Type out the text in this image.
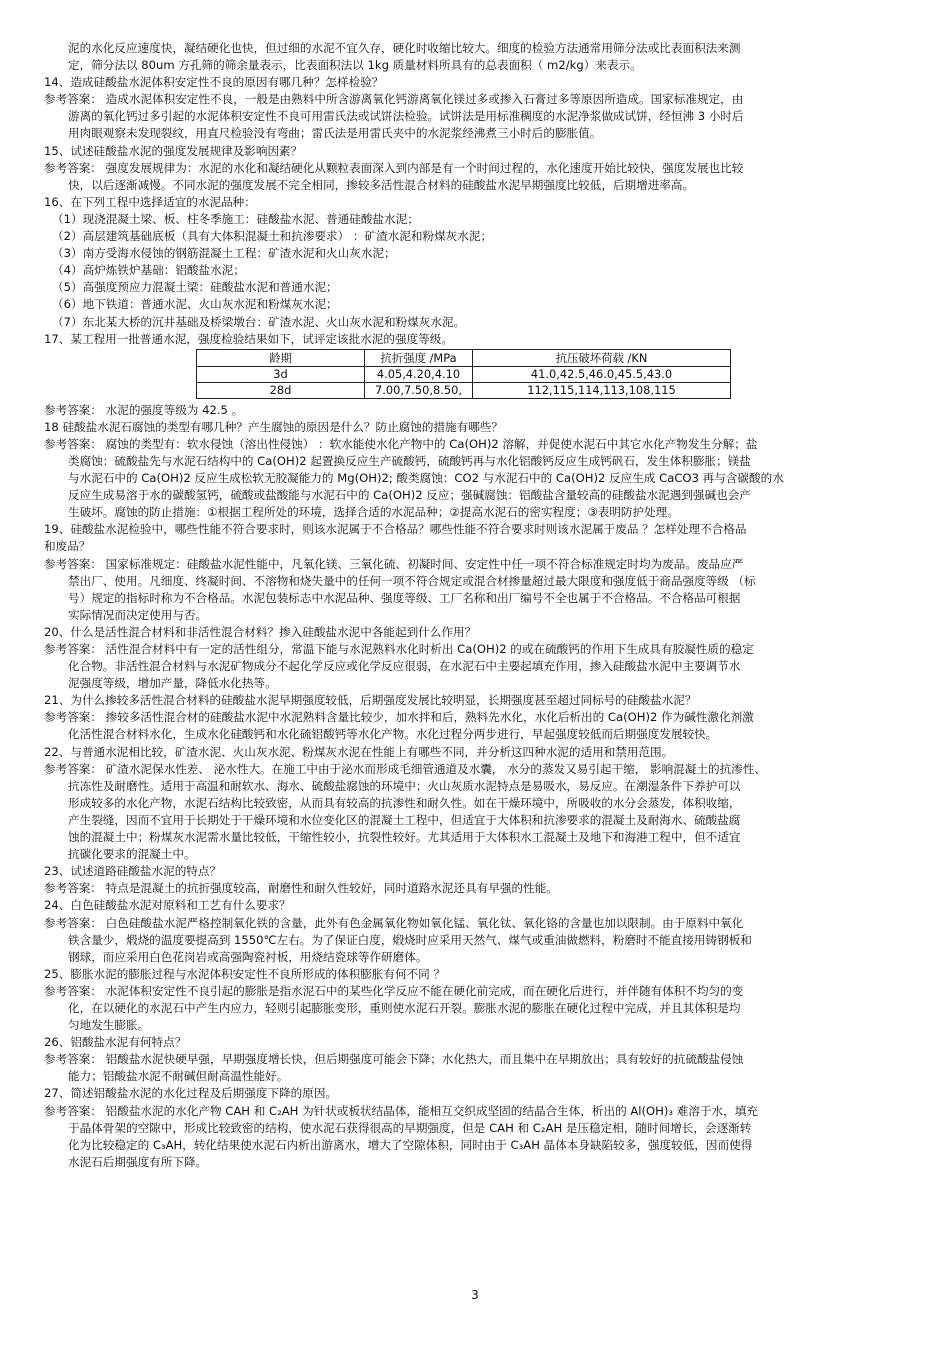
泥的水化反应速度快，凝结硬化也快，但过细的水泥不宜久存，硬化时收缩比较大。细度的检验方法通常用筛分法或比表面积法来测
定，筛分法以 80um 方孔筛的筛余量表示，比表面积法以 1kg 质量材料所具有的总表面积（ m2/kg）来表示。
14、造成硅酸盐水泥体积安定性不良的原因有哪几种？怎样检验？
参考答案： 造成水泥体积安定性不良，一般是由熟料中所含游离氧化钙游离氧化镁过多或掺入石膏过多等原因所造成。国家标准规定，由
游离的氧化钙过多引起的水泥体积安定性不良可用雷氏法或试饼法检验。试饼法是用标准稠度的水泥净浆做成试饼，经恒沸 3 小时后
用肉眼观察未发现裂纹，用直尺检验没有弯曲；雷氏法是用雷氏夹中的水泥浆经沸煮三小时后的膨胀值。
15、试述硅酸盐水泥的强度发展规律及影响因素？
参考答案： 强度发展规律为：水泥的水化和凝结硬化从颗粒表面深入到内部是有一个时间过程的，水化速度开始比较快，强度发展也比较
快，以后逐渐减慢。不同水泥的强度发展不完全相同，掺较多活性混合材料的硅酸盐水泥早期强度比较低，后期增进率高。
16、在下列工程中选择适宜的水泥品种：
（1）现浇混凝土梁、板、柱冬季施工：硅酸盐水泥、普通硅酸盐水泥；
（2）高层建筑基础底板（具有大体积混凝土和抗渗要求） ：矿渣水泥和粉煤灰水泥；
（3）南方受海水侵蚀的钢筋混凝土工程：矿渣水泥和火山灰水泥；
（4）高炉炼铁炉基础：铝酸盐水泥；
（5）高强度预应力混凝土梁：硅酸盐水泥和普通水泥；
（6）地下铁道：普通水泥、火山灰水泥和粉煤灰水泥；
（7）东北某大桥的沉井基础及桥梁墩台：矿渣水泥、火山灰水泥和粉煤灰水泥。
17、某工程用一批普通水泥，强度检验结果如下，试评定该批水泥的强度等级。
龄期	抗折强度 /MPa	抗压破坏荷载 /KN
3d	4.05,4.20,4.10	41.0,42.5,46.0,45.5,43.0
28d	7.00,7.50,8.50,	112,115,114,113,108,115
参考答案： 水泥的强度等级为 42.5 。
18 硅酸盐水泥石腐蚀的类型有哪几种？产生腐蚀的原因是什么？防止腐蚀的措施有哪些？
参考答案： 腐蚀的类型有：软水侵蚀（溶出性侵蚀） ：软水能使水化产物中的 Ca(OH)2 溶解，并促使水泥石中其它水化产物发生分解；盐
类腐蚀：硫酸盐先与水泥石结构中的 Ca(OH)2 起置换反应生产硫酸钙，硫酸钙再与水化铝酸钙反应生成钙矾石，发生体积膨胀；镁盐
与水泥石中的 Ca(OH)2 反应生成松软无胶凝能力的 Mg(OH)2; 酸类腐蚀：CO2 与水泥石中的 Ca(OH)2 反应生成 CaCO3 再与含碳酸的水
反应生成易溶于水的碳酸氢钙，硫酸或盐酸能与水泥石中的 Ca(OH)2 反应；强碱腐蚀：铝酸盐含量较高的硅酸盐水泥遇到强碱也会产
生破坏。腐蚀的防止措施：①根据工程所处的环境，选择合适的水泥品种；②提高水泥石的密实程度；③表明防护处理。
19、硅酸盐水泥检验中，哪些性能不符合要求时，则该水泥属于不合格品？哪些性能不符合要求时则该水泥属于废品 ？怎样处理不合格品
和废品？
参考答案： 国家标准规定：硅酸盐水泥性能中，凡氧化镁、三氧化硫、初凝时间、安定性中任一项不符合标准规定时均为废品。废品应严
禁出厂、使用。凡细度、终凝时间、不溶物和烧失量中的任何一项不符合规定或混合材掺量超过最大限度和强度低于商品强度等级 （标
号）规定的指标时称为不合格品。水泥包装标志中水泥品种、强度等级、工厂名称和出厂编号不全也属于不合格品。不合格品可根据
实际情况而决定使用与否。
20、什么是活性混合材料和非活性混合材料？掺入硅酸盐水泥中各能起到什么作用？
参考答案： 活性混合材料中有一定的活性组分，常温下能与水泥熟料水化时析出 Ca(OH)2 的或在硫酸钙的作用下生成具有胶凝性质的稳定
化合物。非活性混合材料与水泥矿物成分不起化学反应或化学反应很弱，在水泥石中主要起填充作用，掺入硅酸盐水泥中主要调节水
泥强度等级，增加产量，降低水化热等。
21、为什么掺较多活性混合材料的硅酸盐水泥早期强度较低，后期强度发展比较明显，长期强度甚至超过同标号的硅酸盐水泥？
参考答案： 掺较多活性混合材的硅酸盐水泥中水泥熟料含量比较少，加水拌和后，熟料先水化，水化后析出的 Ca(OH)2 作为碱性激化剂激
化活性混合材料水化，生成水化硅酸钙和水化硫铝酸钙等水化产物。水化过程分两步进行，早起强度较低而后期强度发展较快。
22、与普通水泥相比较，矿渣水泥、火山灰水泥、粉煤灰水泥在性能上有哪些不同，并分析这四种水泥的适用和禁用范围。
参考答案： 矿渣水泥保水性差、 泌水性大。在施工中由于泌水而形成毛细管通道及水囊， 水分的蒸发又易引起干缩， 影响混凝土的抗渗性、
抗冻性及耐磨性。适用于高温和耐软水、海水、硫酸盐腐蚀的环境中；火山灰质水泥特点是易吸水，易反应。在潮湿条件下养护可以
形成较多的水化产物，水泥石结构比较致密，从而具有较高的抗渗性和耐久性。如在干燥环境中，所吸收的水分会蒸发，体积收缩，
产生裂缝，因而不宜用于长期处于干燥环境和水位变化区的混凝土工程中，但适宜于大体积和抗渗要求的混凝土及耐海水、硫酸盐腐
蚀的混凝土中；粉煤灰水泥需水量比较低，干缩性较小，抗裂性较好。尤其适用于大体积水工混凝土及地下和海港工程中，但不适宜
抗碳化要求的混凝土中。
23、试述道路硅酸盐水泥的特点？
参考答案： 特点是混凝土的抗折强度较高，耐磨性和耐久性较好，同时道路水泥还具有早强的性能。
24、白色硅酸盐水泥对原料和工艺有什么要求？
参考答案： 白色硅酸盐水泥严格控制氧化铁的含量，此外有色金属氧化物如氧化锰、氧化钛、氧化铬的含量也加以限制。由于原料中氧化
铁含量少，煅烧的温度要提高到 1550℃左右。为了保证白度，煅烧时应采用天然气、煤气或重油做燃料，粉磨时不能直接用铸钢板和
钢球，而应采用白色花岗岩或高强陶瓷衬板，用烧结瓷球等作研磨体。
25、膨胀水泥的膨胀过程与水泥体积安定性不良所形成的体积膨胀有何不同 ？
参考答案： 水泥体积安定性不良引起的膨胀是指水泥石中的某些化学反应不能在硬化前完成，而在硬化后进行，并伴随有体积不均匀的变
化，在以硬化的水泥石中产生内应力，轻则引起膨胀变形，重则使水泥石开裂。膨胀水泥的膨胀在硬化过程中完成，并且其体积是均
匀地发生膨胀。
26、铝酸盐水泥有何特点？
参考答案： 铝酸盐水泥快硬早强，早期强度增长快，但后期强度可能会下降；水化热大，而且集中在早期放出；具有较好的抗硫酸盐侵蚀
能力；铝酸盐水泥不耐碱但耐高温性能好。
27、简述铝酸盐水泥的水化过程及后期强度下降的原因。
参考答案： 铝酸盐水泥的水化产物 CAH 和 C₂AH 为针状或板状结晶体，能相互交织成坚固的结晶合生体，析出的 Al(OH)₃ 难溶于水，填充
于晶体骨架的空隙中，形成比较致密的结构，使水泥石获得很高的早期强度，但是 CAH 和 C₂AH 是压稳定相，随时间增长，会逐渐转
化为比较稳定的 C₃AH，转化结果使水泥石内析出游离水，增大了空隙体积，同时由于 C₃AH 晶体本身缺陷较多，强度较低，因而使得
水泥石后期强度有所下降。
3
